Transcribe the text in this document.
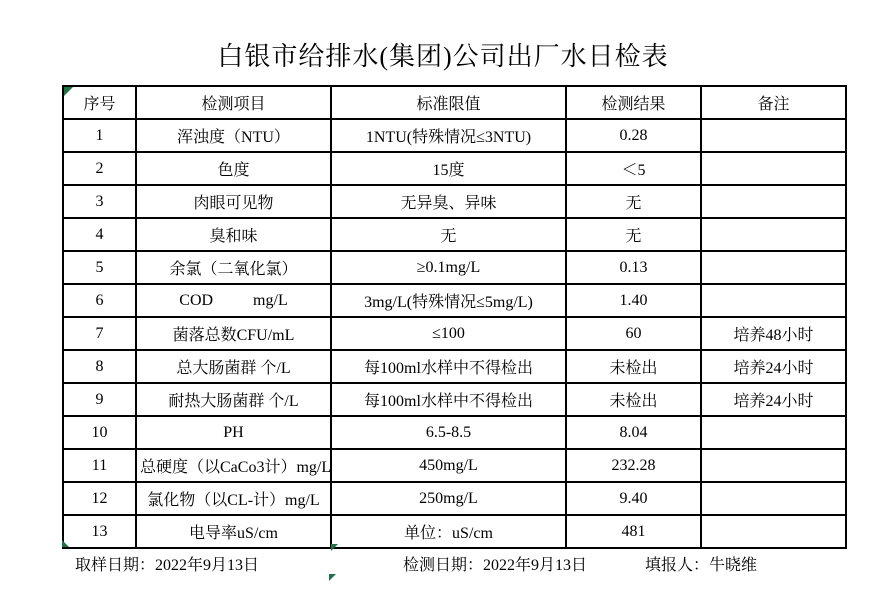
白银市给排水(集团)公司出厂水日检表
序号	检测项目	标准限值	检测结果	备注
1	浑浊度（NTU）	1NTU(特殊情况≤3NTU)	0.28	
2	色度	15度	＜5	
3	肉眼可见物	无异臭、异味	无	
4	臭和味	无	无	
5	余氯（二氧化氯）	≥0.1mg/L	0.13	
6	COD          mg/L	3mg/L(特殊情况≤5mg/L)	1.40	
7	菌落总数CFU/mL	≤100	60	培养48小时
8	总大肠菌群 个/L	每100ml水样中不得检出	未检出	培养24小时
9	耐热大肠菌群 个/L	每100ml水样中不得检出	未检出	培养24小时
10	PH	6.5-8.5	8.04	
11	总硬度（以CaCo3计）mg/L	450mg/L	232.28	
12	氯化物（以CL-计）mg/L	250mg/L	9.40	
13	电导率uS/cm	单位：uS/cm	481	
取样日期：2022年9月13日	检测日期：2022年9月13日	填报人：牛晓维
